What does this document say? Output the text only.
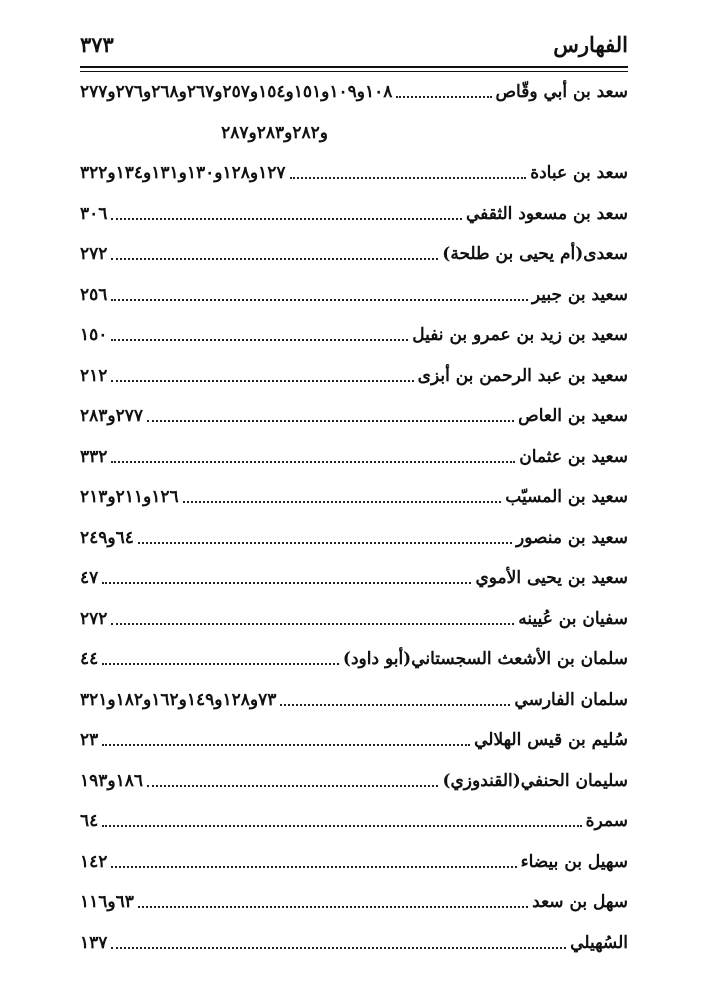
الفهارس
٣٧٣
سعد بن أبي وقّاص
١٠٨و١٠٩و١٥١و١٥٤و٢٥٧و٢٦٧و٢٦٨و٢٧٦و٢٧٧
و٢٨٢و٢٨٣و٢٨٧
سعد بن عبادة
١٢٧و١٢٨و١٣٠و١٣١و١٣٤و٣٢٢
سعد بن مسعود الثقفي
٣٠٦
سعدى(أم يحيى بن طلحة)
٢٧٢
سعيد بن جبير
٢٥٦
سعيد بن زيد بن عمرو بن نفيل
١٥٠
سعيد بن عبد الرحمن بن أبزى
٢١٢
سعيد بن العاص
٢٧٧و٢٨٣
سعيد بن عثمان
٣٣٢
سعيد بن المسيّب
١٢٦و٢١١و٢١٣
سعيد بن منصور
٦٤و٢٤٩
سعيد بن يحيى الأموي
٤٧
سفيان بن عُيينه
٢٧٢
سلمان بن الأشعث السجستاني(أبو داود)
٤٤
سلمان الفارسي
٧٣و١٢٨و١٤٩و١٦٢و١٨٢و٣٢١
سُليم بن قيس الهلالي
٢٣
سليمان الحنفي(القندوزي)
١٨٦و١٩٣
سمرة
٦٤
سهيل بن بيضاء
١٤٢
سهل بن سعد
٦٣و١١٦
السُهيلي
١٣٧
